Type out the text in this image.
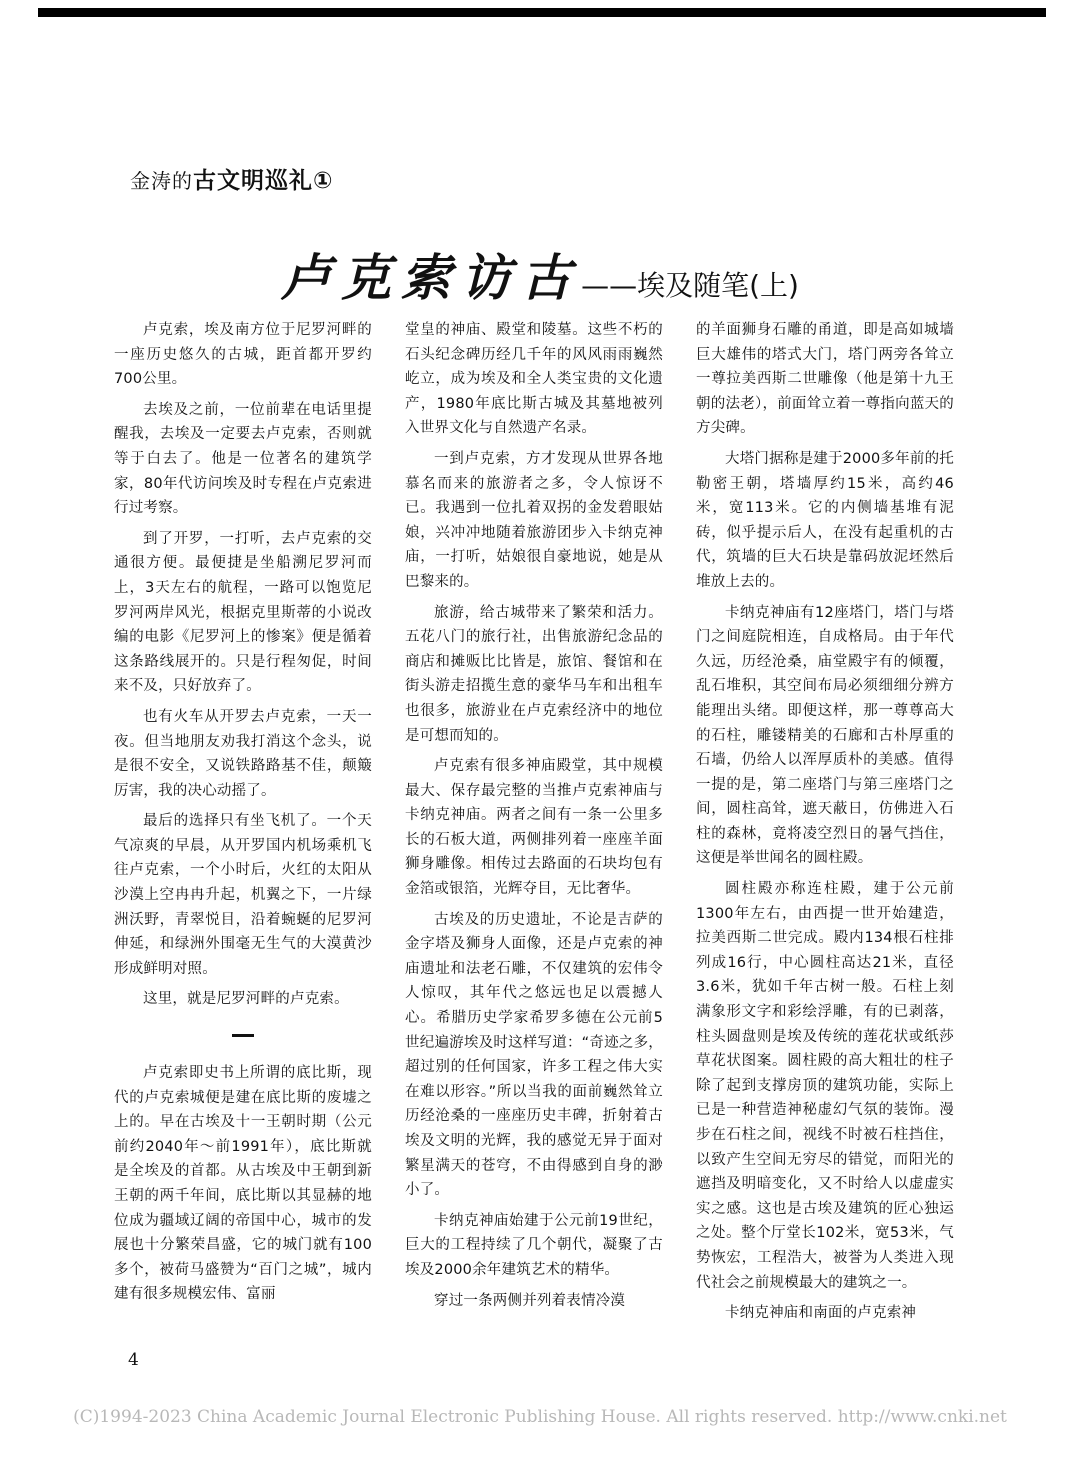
金涛的古文明巡礼①
卢克索访古——埃及随笔(上)

卢克索，埃及南方位于尼罗河畔的一座历史悠久的古城，距首都开罗约700公里。

去埃及之前，一位前辈在电话里提醒我，去埃及一定要去卢克索，否则就等于白去了。他是一位著名的建筑学家，80年代访问埃及时专程在卢克索进行过考察。

到了开罗，一打听，去卢克索的交通很方便。最便捷是坐船溯尼罗河而上，3天左右的航程，一路可以饱览尼罗河两岸风光，根据克里斯蒂的小说改编的电影《尼罗河上的惨案》便是循着这条路线展开的。只是行程匆促，时间来不及，只好放弃了。

也有火车从开罗去卢克索，一天一夜。但当地朋友劝我打消这个念头，说是很不安全，又说铁路路基不佳，颠簸厉害，我的决心动摇了。

最后的选择只有坐飞机了。一个天气凉爽的早晨，从开罗国内机场乘机飞往卢克索，一个小时后，火红的太阳从沙漠上空冉冉升起，机翼之下，一片绿洲沃野，青翠悦目，沿着蜿蜒的尼罗河伸延，和绿洲外围毫无生气的大漠黄沙形成鲜明对照。

这里，就是尼罗河畔的卢克索。

卢克索即史书上所谓的底比斯，现代的卢克索城便是建在底比斯的废墟之上的。早在古埃及十一王朝时期（公元前约2040年～前1991年），底比斯就是全埃及的首都。从古埃及中王朝到新王朝的两千年间，底比斯以其显赫的地位成为疆域辽阔的帝国中心，城市的发展也十分繁荣昌盛，它的城门就有100多个，被荷马盛赞为“百门之城”，城内建有很多规模宏伟、富丽

堂皇的神庙、殿堂和陵墓。这些不朽的石头纪念碑历经几千年的风风雨雨巍然屹立，成为埃及和全人类宝贵的文化遗产，1980年底比斯古城及其墓地被列入世界文化与自然遗产名录。

一到卢克索，方才发现从世界各地慕名而来的旅游者之多，令人惊讶不已。我遇到一位扎着双拐的金发碧眼姑娘，兴冲冲地随着旅游团步入卡纳克神庙，一打听，姑娘很自豪地说，她是从巴黎来的。

旅游，给古城带来了繁荣和活力。五花八门的旅行社，出售旅游纪念品的商店和摊贩比比皆是，旅馆、餐馆和在街头游走招揽生意的豪华马车和出租车也很多，旅游业在卢克索经济中的地位是可想而知的。

卢克索有很多神庙殿堂，其中规模最大、保存最完整的当推卢克索神庙与卡纳克神庙。两者之间有一条一公里多长的石板大道，两侧排列着一座座羊面狮身雕像。相传过去路面的石块均包有金箔或银箔，光辉夺目，无比奢华。

古埃及的历史遗址，不论是吉萨的金字塔及狮身人面像，还是卢克索的神庙遗址和法老石雕，不仅建筑的宏伟令人惊叹，其年代之悠远也足以震撼人心。希腊历史学家希罗多德在公元前5世纪遍游埃及时这样写道：“奇迹之多，超过别的任何国家，许多工程之伟大实在难以形容。”所以当我的面前巍然耸立历经沧桑的一座座历史丰碑，折射着古埃及文明的光辉，我的感觉无异于面对繁星满天的苍穹，不由得感到自身的渺小了。

卡纳克神庙始建于公元前19世纪，巨大的工程持续了几个朝代，凝聚了古埃及2000余年建筑艺术的精华。

穿过一条两侧并列着表情冷漠

的羊面狮身石雕的甬道，即是高如城墙巨大雄伟的塔式大门，塔门两旁各耸立一尊拉美西斯二世雕像（他是第十九王朝的法老），前面耸立着一尊指向蓝天的方尖碑。

大塔门据称是建于2000多年前的托勒密王朝，塔墙厚约15米，高约46米，宽113米。它的内侧墙基堆有泥砖，似乎提示后人，在没有起重机的古代，筑墙的巨大石块是靠码放泥坯然后堆放上去的。

卡纳克神庙有12座塔门，塔门与塔门之间庭院相连，自成格局。由于年代久远，历经沧桑，庙堂殿宇有的倾覆，乱石堆积，其空间布局必须细细分辨方能理出头绪。即便这样，那一尊尊高大的石柱，雕镂精美的石廊和古朴厚重的石墙，仍给人以浑厚质朴的美感。值得一提的是，第二座塔门与第三座塔门之间，圆柱高耸，遮天蔽日，仿佛进入石柱的森林，竟将凌空烈日的暑气挡住，这便是举世闻名的圆柱殿。

圆柱殿亦称连柱殿，建于公元前1300年左右，由西提一世开始建造，拉美西斯二世完成。殿内134根石柱排列成16行，中心圆柱高达21米，直径3.6米，犹如千年古树一般。石柱上刻满象形文字和彩绘浮雕，有的已剥落，柱头圆盘则是埃及传统的莲花状或纸莎草花状图案。圆柱殿的高大粗壮的柱子除了起到支撑房顶的建筑功能，实际上已是一种营造神秘虚幻气氛的装饰。漫步在石柱之间，视线不时被石柱挡住，以致产生空间无穷尽的错觉，而阳光的遮挡及明暗变化，又不时给人以虚虚实实之感。这也是古埃及建筑的匠心独运之处。整个厅堂长102米，宽53米，气势恢宏，工程浩大，被誉为人类进入现代社会之前规模最大的建筑之一。

卡纳克神庙和南面的卢克索神

4
(C)1994-2023 China Academic Journal Electronic Publishing House. All rights reserved. http://www.cnki.net
